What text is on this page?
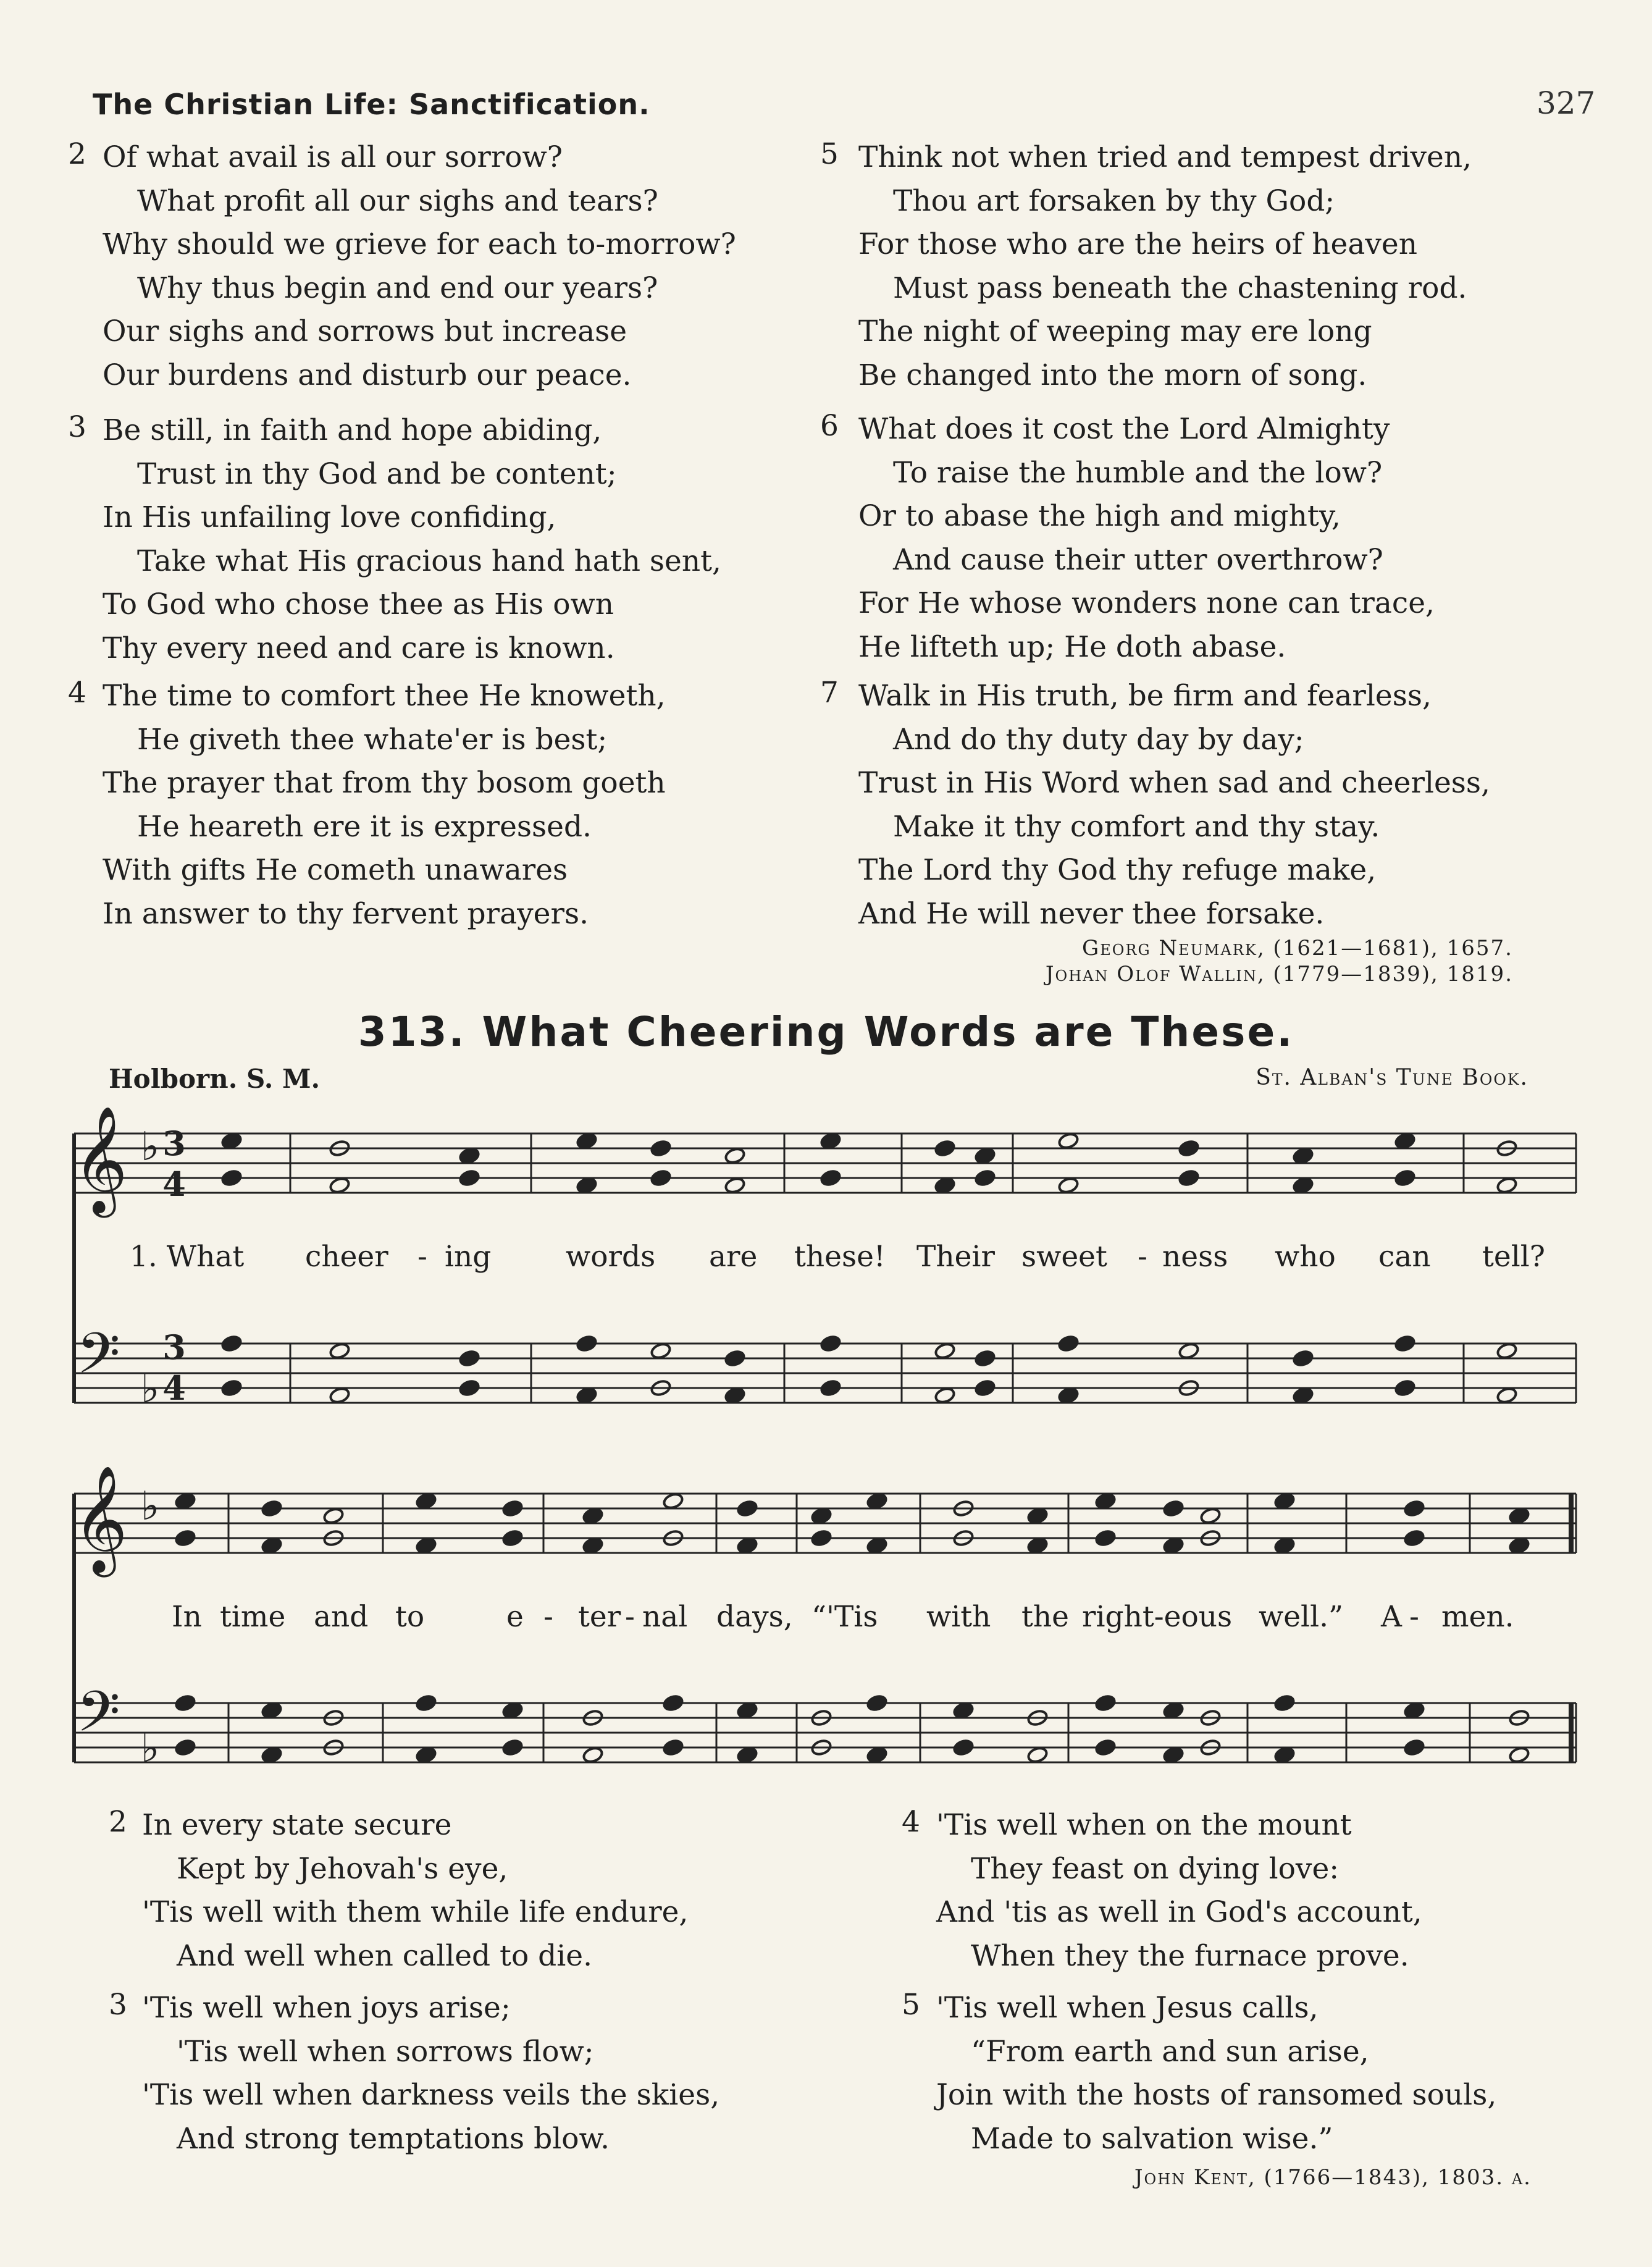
The Christian Life: Sanctification.	327
2 Of what avail is all our sorrow?
What profit all our sighs and tears?
Why should we grieve for each to-morrow?
Why thus begin and end our years?
Our sighs and sorrows but increase
Our burdens and disturb our peace.
3 Be still, in faith and hope abiding,
Trust in thy God and be content;
In His unfailing love confiding,
Take what His gracious hand hath sent,
To God who chose thee as His own
Thy every need and care is known.
4 The time to comfort thee He knoweth,
He giveth thee whate'er is best;
The prayer that from thy bosom goeth
He heareth ere it is expressed.
With gifts He cometh unawares
In answer to thy fervent prayers.
5 Think not when tried and tempest driven,
Thou art forsaken by thy God;
For those who are the heirs of heaven
Must pass beneath the chastening rod.
The night of weeping may ere long
Be changed into the morn of song.
6 What does it cost the Lord Almighty
To raise the humble and the low?
Or to abase the high and mighty,
And cause their utter overthrow?
For He whose wonders none can trace,
He lifteth up; He doth abase.
7 Walk in His truth, be firm and fearless,
And do thy duty day by day;
Trust in His Word when sad and cheerless,
Make it thy comfort and thy stay.
The Lord thy God thy refuge make,
And He will never thee forsake.
Georg Neumark, (1621—1681), 1657.
Johan Olof Wallin, (1779—1839), 1819.
313. What Cheering Words are These.
Holborn. S. M.	St. Alban's Tune Book.
𝄞
𝄢
𝄞
𝄢
♭
♭
♭
♭
3
4
3
4
1. What cheer - ing	words are these! Their sweet - ness who can tell?
In time and to	e - ter - nal days, “'Tis with the right-eous well.” A - men.
2 In every state secure
Kept by Jehovah's eye,
'Tis well with them while life endure,
And well when called to die.
3 'Tis well when joys arise;
'Tis well when sorrows flow;
'Tis well when darkness veils the skies,
And strong temptations blow.
4 'Tis well when on the mount
They feast on dying love:
And 'tis as well in God's account,
When they the furnace prove.
5 'Tis well when Jesus calls,
“From earth and sun arise,
Join with the hosts of ransomed souls,
Made to salvation wise.”
John Kent, (1766—1843), 1803. a.
